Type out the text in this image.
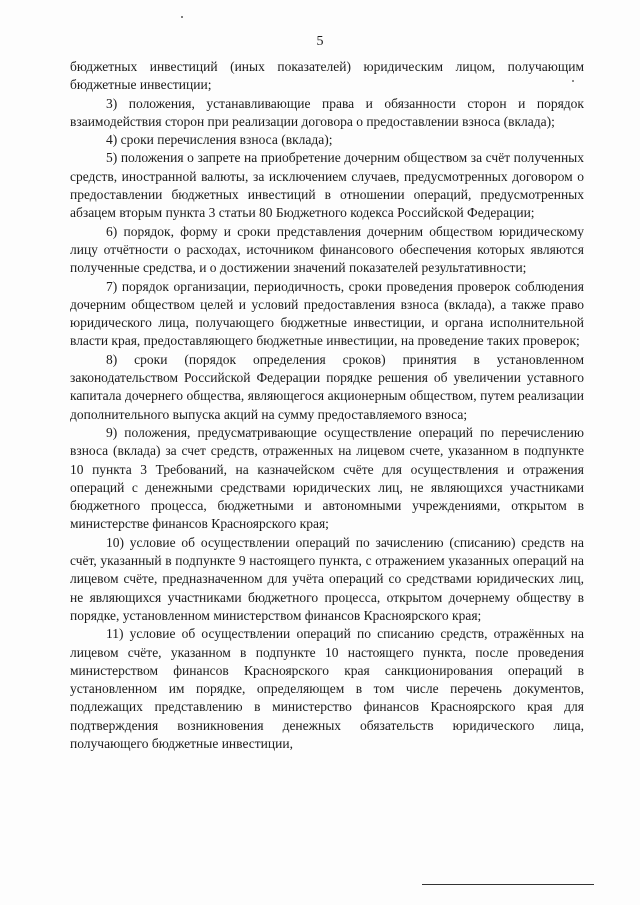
5

бюджетных инвестиций (иных показателей) юридическим лицом, получающим бюджетные инвестиции;

3) положения, устанавливающие права и обязанности сторон и порядок взаимодействия сторон при реализации договора о предоставлении взноса (вклада);

4) сроки перечисления взноса (вклада);

5) положения о запрете на приобретение дочерним обществом за счёт полученных средств, иностранной валюты, за исключением случаев, предусмотренных договором о предоставлении бюджетных инвестиций в отношении операций, предусмотренных абзацем вторым пункта 3 статьи 80 Бюджетного кодекса Российской Федерации;

6) порядок, форму и сроки представления дочерним обществом юридическому лицу отчётности о расходах, источником финансового обеспечения которых являются полученные средства, и о достижении значений показателей результативности;

7) порядок организации, периодичность, сроки проведения проверок соблюдения дочерним обществом целей и условий предоставления взноса (вклада), а также право юридического лица, получающего бюджетные инвестиции, и органа исполнительной власти края, предоставляющего бюджетные инвестиции, на проведение таких проверок;

8) сроки (порядок определения сроков) принятия в установленном законодательством Российской Федерации порядке решения об увеличении уставного капитала дочернего общества, являющегося акционерным обществом, путем реализации дополнительного выпуска акций на сумму предоставляемого взноса;

9) положения, предусматривающие осуществление операций по перечислению взноса (вклада) за счет средств, отраженных на лицевом счете, указанном в подпункте 10 пункта 3 Требований, на казначейском счёте для осуществления и отражения операций с денежными средствами юридических лиц, не являющихся участниками бюджетного процесса, бюджетными и автономными учреждениями, открытом в министерстве финансов Красноярского края;

10) условие об осуществлении операций по зачислению (списанию) средств на счёт, указанный в подпункте 9 настоящего пункта, с отражением указанных операций на лицевом счёте, предназначенном для учёта операций со средствами юридических лиц, не являющихся участниками бюджетного процесса, открытом дочернему обществу в порядке, установленном министерством финансов Красноярского края;

11) условие об осуществлении операций по списанию средств, отражённых на лицевом счёте, указанном в подпункте 10 настоящего пункта, после проведения министерством финансов Красноярского края санкционирования операций в установленном им порядке, определяющем в том числе перечень документов, подлежащих представлению в министерство финансов Красноярского края для подтверждения возникновения денежных обязательств юридического лица, получающего бюджетные инвестиции,
